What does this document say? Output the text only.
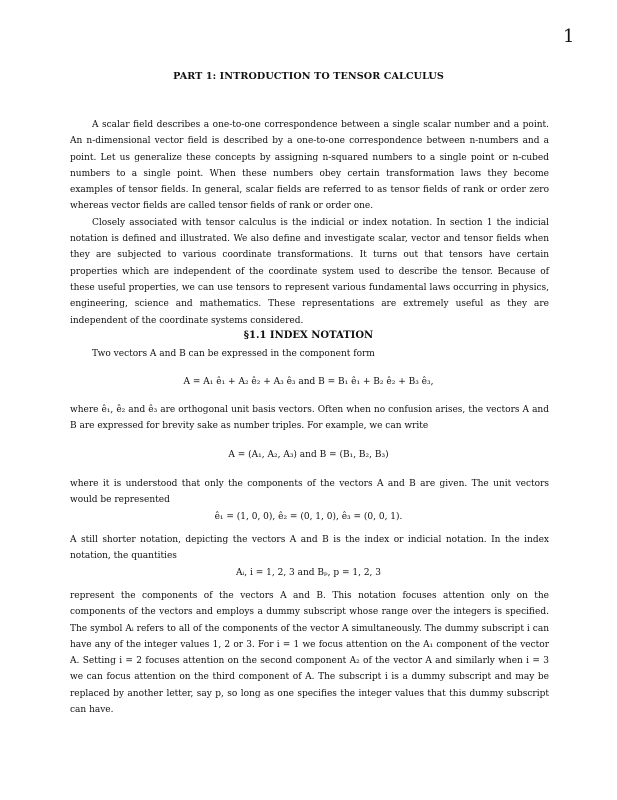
1
PART 1: INTRODUCTION TO TENSOR CALCULUS

A scalar field describes a one-to-one correspondence between a single scalar number and a point. An n-dimensional vector field is described by a one-to-one correspondence between n-numbers and a point. Let us generalize these concepts by assigning n-squared numbers to a single point or n-cubed numbers to a single point. When these numbers obey certain transformation laws they become examples of tensor fields. In general, scalar fields are referred to as tensor fields of rank or order zero whereas vector fields are called tensor fields of rank or order one.

Closely associated with tensor calculus is the indicial or index notation. In section 1 the indicial notation is defined and illustrated. We also define and investigate scalar, vector and tensor fields when they are subjected to various coordinate transformations. It turns out that tensors have certain properties which are independent of the coordinate system used to describe the tensor. Because of these useful properties, we can use tensors to represent various fundamental laws occurring in physics, engineering, science and mathematics. These representations are extremely useful as they are independent of the coordinate systems considered.

§1.1 INDEX NOTATION

Two vectors A and B can be expressed in the component form

A = A₁ ê₁ + A₂ ê₂ + A₃ ê₃ and B = B₁ ê₁ + B₂ ê₂ + B₃ ê₃,

where ê₁, ê₂ and ê₃ are orthogonal unit basis vectors. Often when no confusion arises, the vectors A and B are expressed for brevity sake as number triples. For example, we can write

A = (A₁, A₂, A₃) and B = (B₁, B₂, B₃)

where it is understood that only the components of the vectors A and B are given. The unit vectors would be represented

ê₁ = (1, 0, 0), ê₂ = (0, 1, 0), ê₃ = (0, 0, 1).

A still shorter notation, depicting the vectors A and B is the index or indicial notation. In the index notation, the quantities

Aᵢ, i = 1, 2, 3 and Bₚ, p = 1, 2, 3

represent the components of the vectors A and B. This notation focuses attention only on the components of the vectors and employs a dummy subscript whose range over the integers is specified. The symbol Aᵢ refers to all of the components of the vector A simultaneously. The dummy subscript i can have any of the integer values 1, 2 or 3. For i = 1 we focus attention on the A₁ component of the vector A. Setting i = 2 focuses attention on the second component A₂ of the vector A and similarly when i = 3 we can focus attention on the third component of A. The subscript i is a dummy subscript and may be replaced by another letter, say p, so long as one specifies the integer values that this dummy subscript can have.
